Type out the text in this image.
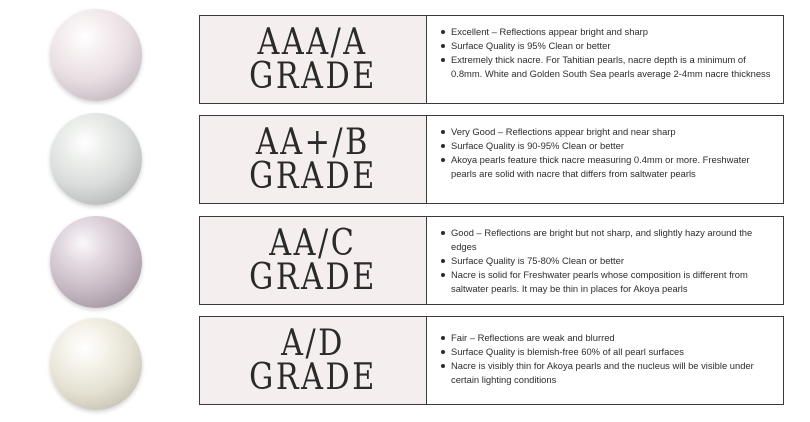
AAA/A
GRADE
Excellent – Reflections appear bright and sharp
Surface Quality is 95% Clean or better
Extremely thick nacre. For Tahitian pearls, nacre depth is a minimum of 0.8mm. White and Golden South Sea pearls average 2-4mm nacre thickness
AA+/B
GRADE
Very Good – Reflections appear bright and near sharp
Surface Quality is 90-95% Clean or better
Akoya pearls feature thick nacre measuring 0.4mm or more. Freshwater pearls are solid with nacre that differs from saltwater pearls
AA/C
GRADE
Good – Reflections are bright but not sharp, and slightly hazy around the edges
Surface Quality is 75-80% Clean or better
Nacre is solid for Freshwater pearls whose composition is different from saltwater pearls. It may be thin in places for Akoya pearls
A/D
GRADE
Fair – Reflections are weak and blurred
Surface Quality is blemish-free 60% of all pearl surfaces
Nacre is visibly thin for Akoya pearls and the nucleus will be visible under certain lighting conditions
